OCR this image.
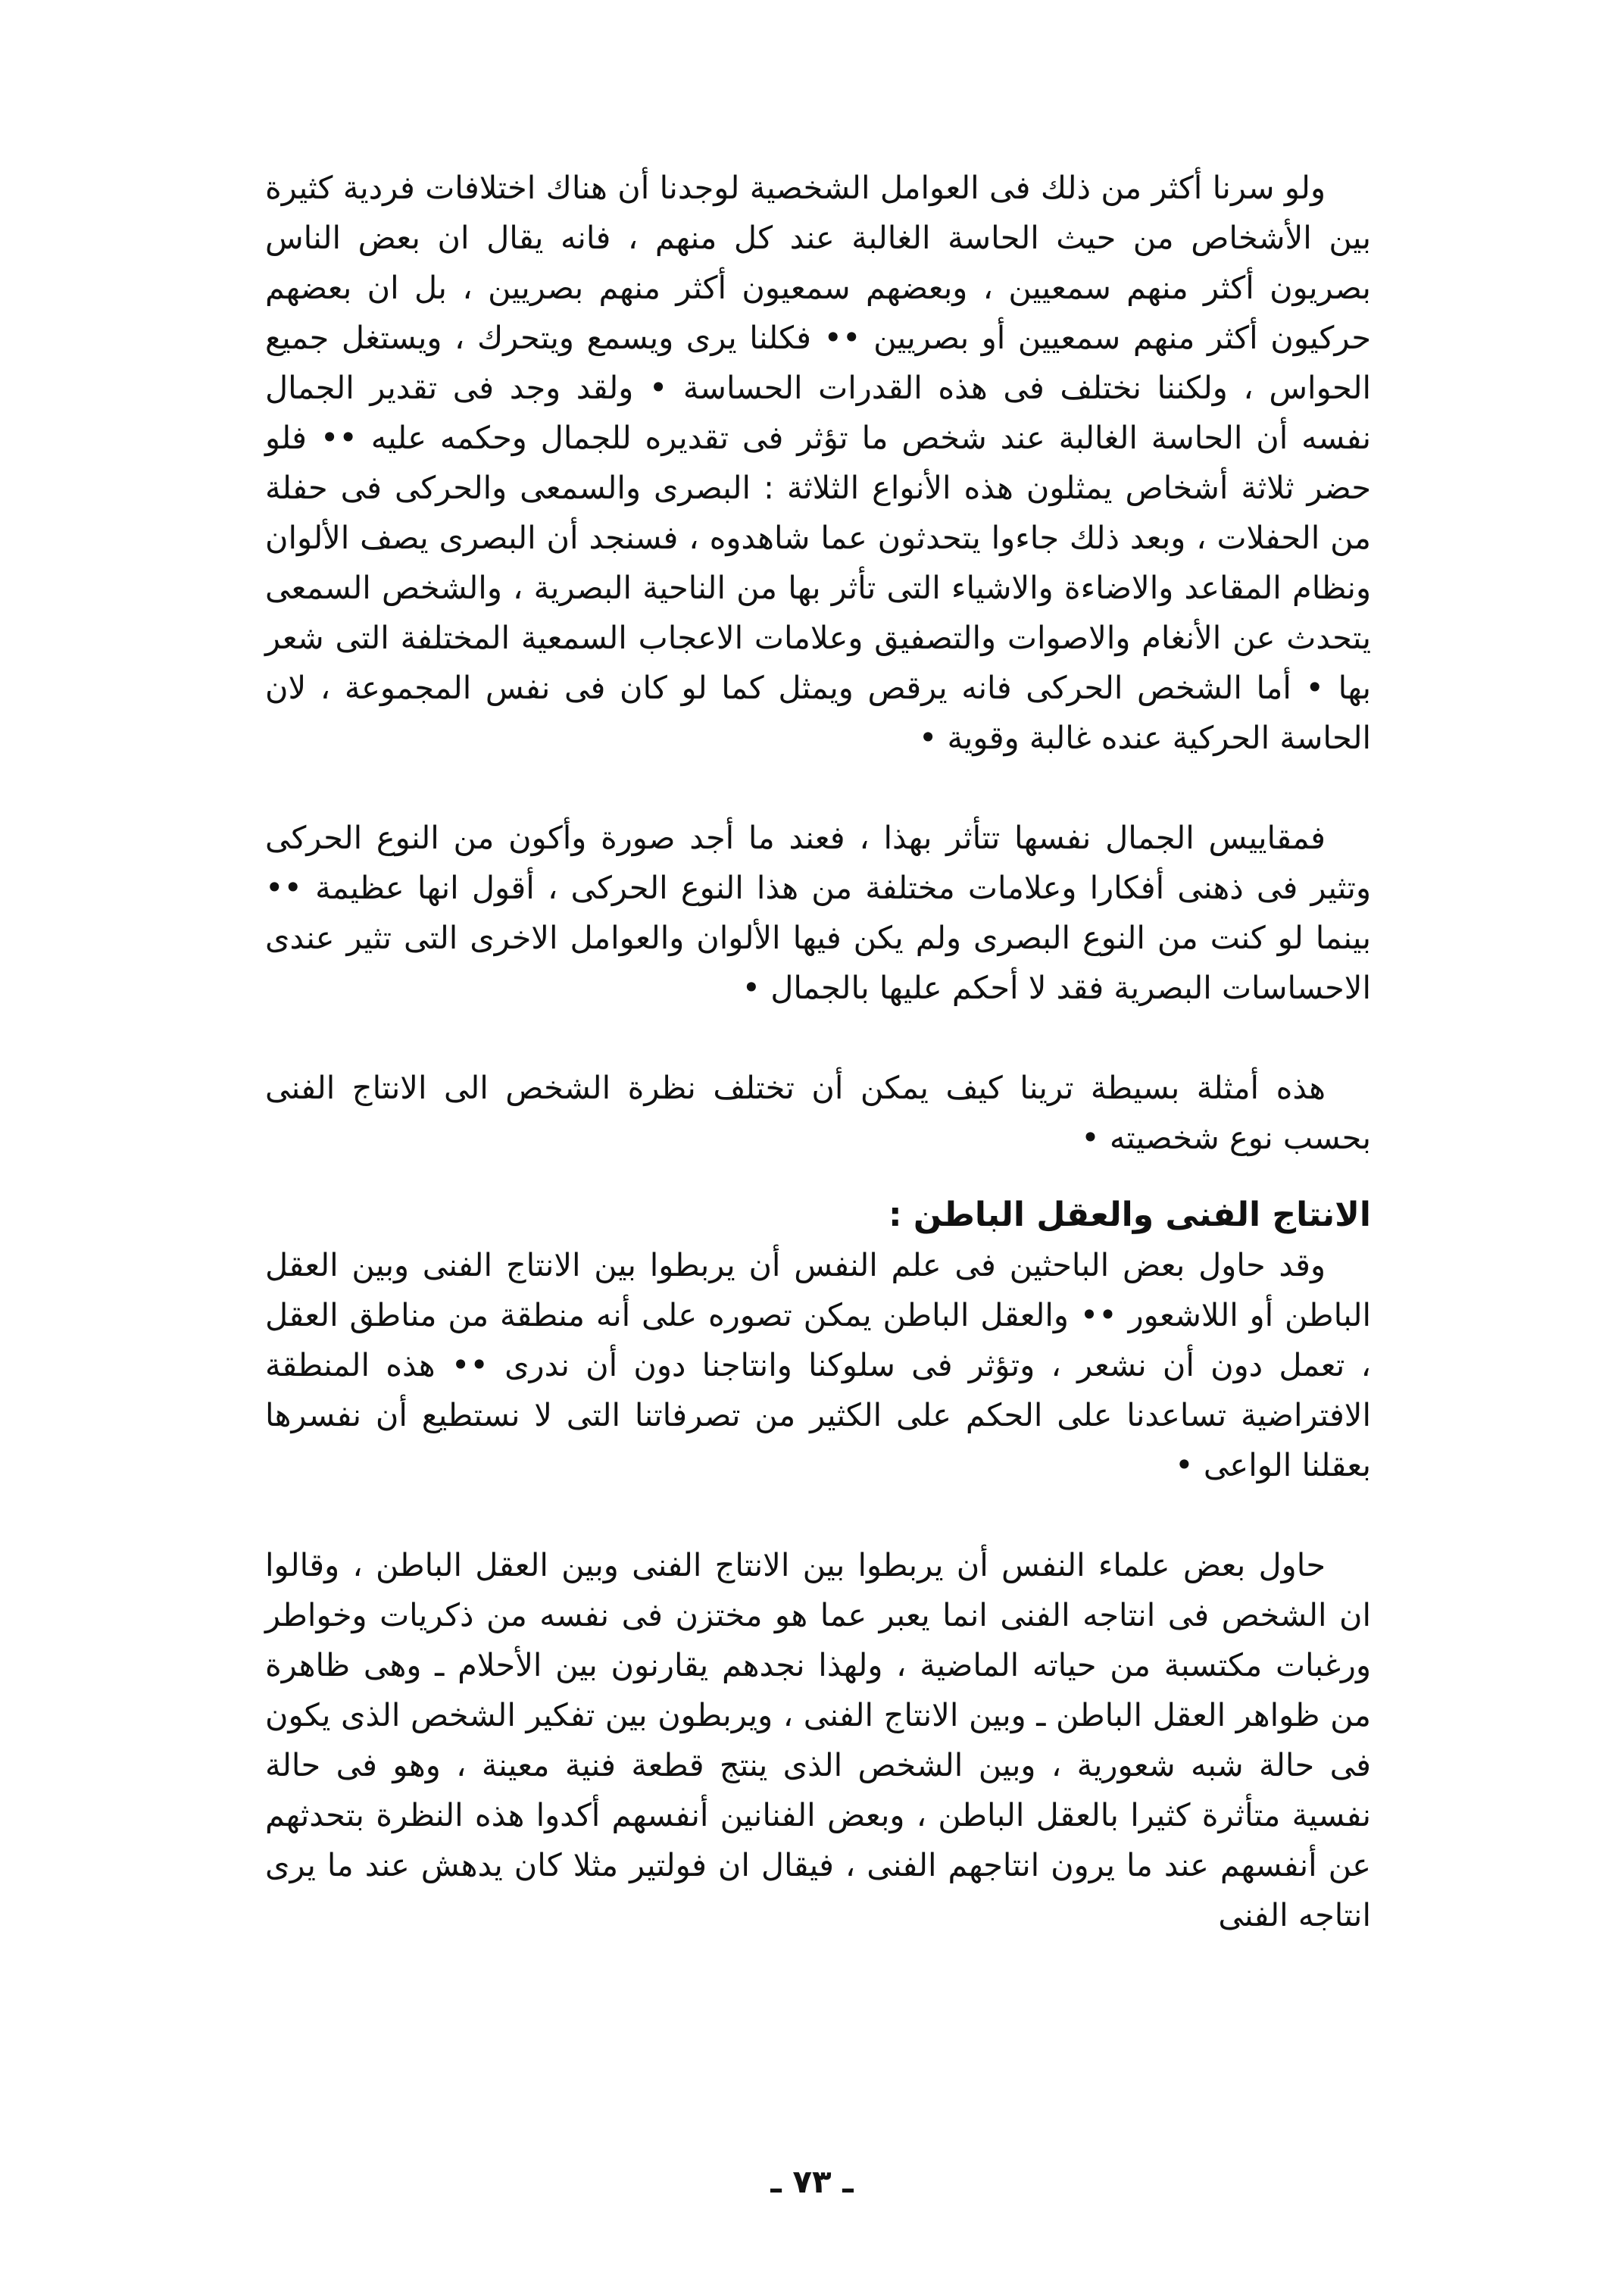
ولو سرنا أكثر من ذلك فى العوامل الشخصية لوجدنا أن هناك اختلافات فردية كثيرة بين الأشخاص من حيث الحاسة الغالبة عند كل منهم ، فانه يقال ان بعض الناس بصريون أكثر منهم سمعيين ، وبعضهم سمعيون أكثر منهم بصريين ، بل ان بعضهم حركيون أكثر منهم سمعيين أو بصريين •• فكلنا يرى ويسمع ويتحرك ، ويستغل جميع الحواس ، ولكننا نختلف فى هذه القدرات الحساسة • ولقد وجد فى تقدير الجمال نفسه أن الحاسة الغالبة عند شخص ما تؤثر فى تقديره للجمال وحكمه عليه •• فلو حضر ثلاثة أشخاص يمثلون هذه الأنواع الثلاثة : البصرى والسمعى والحركى فى حفلة من الحفلات ، وبعد ذلك جاءوا يتحدثون عما شاهدوه ، فسنجد أن البصرى يصف الألوان ونظام المقاعد والاضاءة والاشياء التى تأثر بها من الناحية البصرية ، والشخص السمعى يتحدث عن الأنغام والاصوات والتصفيق وعلامات الاعجاب السمعية المختلفة التى شعر بها • أما الشخص الحركى فانه يرقص ويمثل كما لو كان فى نفس المجموعة ، لان الحاسة الحركية عنده غالبة وقوية •

فمقاييس الجمال نفسها تتأثر بهذا ، فعند ما أجد صورة وأكون من النوع الحركى وتثير فى ذهنى أفكارا وعلامات مختلفة من هذا النوع الحركى ، أقول انها عظيمة •• بينما لو كنت من النوع البصرى ولم يكن فيها الألوان والعوامل الاخرى التى تثير عندى الاحساسات البصرية فقد لا أحكم عليها بالجمال •

هذه أمثلة بسيطة ترينا كيف يمكن أن تختلف نظرة الشخص الى الانتاج الفنى بحسب نوع شخصيته •

الانتاج الفنى والعقل الباطن :

وقد حاول بعض الباحثين فى علم النفس أن يربطوا بين الانتاج الفنى وبين العقل الباطن أو اللاشعور •• والعقل الباطن يمكن تصوره على أنه منطقة من مناطق العقل ، تعمل دون أن نشعر ، وتؤثر فى سلوكنا وانتاجنا دون أن ندرى •• هذه المنطقة الافتراضية تساعدنا على الحكم على الكثير من تصرفاتنا التى لا نستطيع أن نفسرها بعقلنا الواعى •

حاول بعض علماء النفس أن يربطوا بين الانتاج الفنى وبين العقل الباطن ، وقالوا ان الشخص فى انتاجه الفنى انما يعبر عما هو مختزن فى نفسه من ذكريات وخواطر ورغبات مكتسبة من حياته الماضية ، ولهذا نجدهم يقارنون بين الأحلام ـ وهى ظاهرة من ظواهر العقل الباطن ـ وبين الانتاج الفنى ، ويربطون بين تفكير الشخص الذى يكون فى حالة شبه شعورية ، وبين الشخص الذى ينتج قطعة فنية معينة ، وهو فى حالة نفسية متأثرة كثيرا بالعقل الباطن ، وبعض الفنانين أنفسهم أكدوا هذه النظرة بتحدثهم عن أنفسهم عند ما يرون انتاجهم الفنى ، فيقال ان فولتير مثلا كان يدهش عند ما يرى انتاجه الفنى

ـ ٧٣ ـ
